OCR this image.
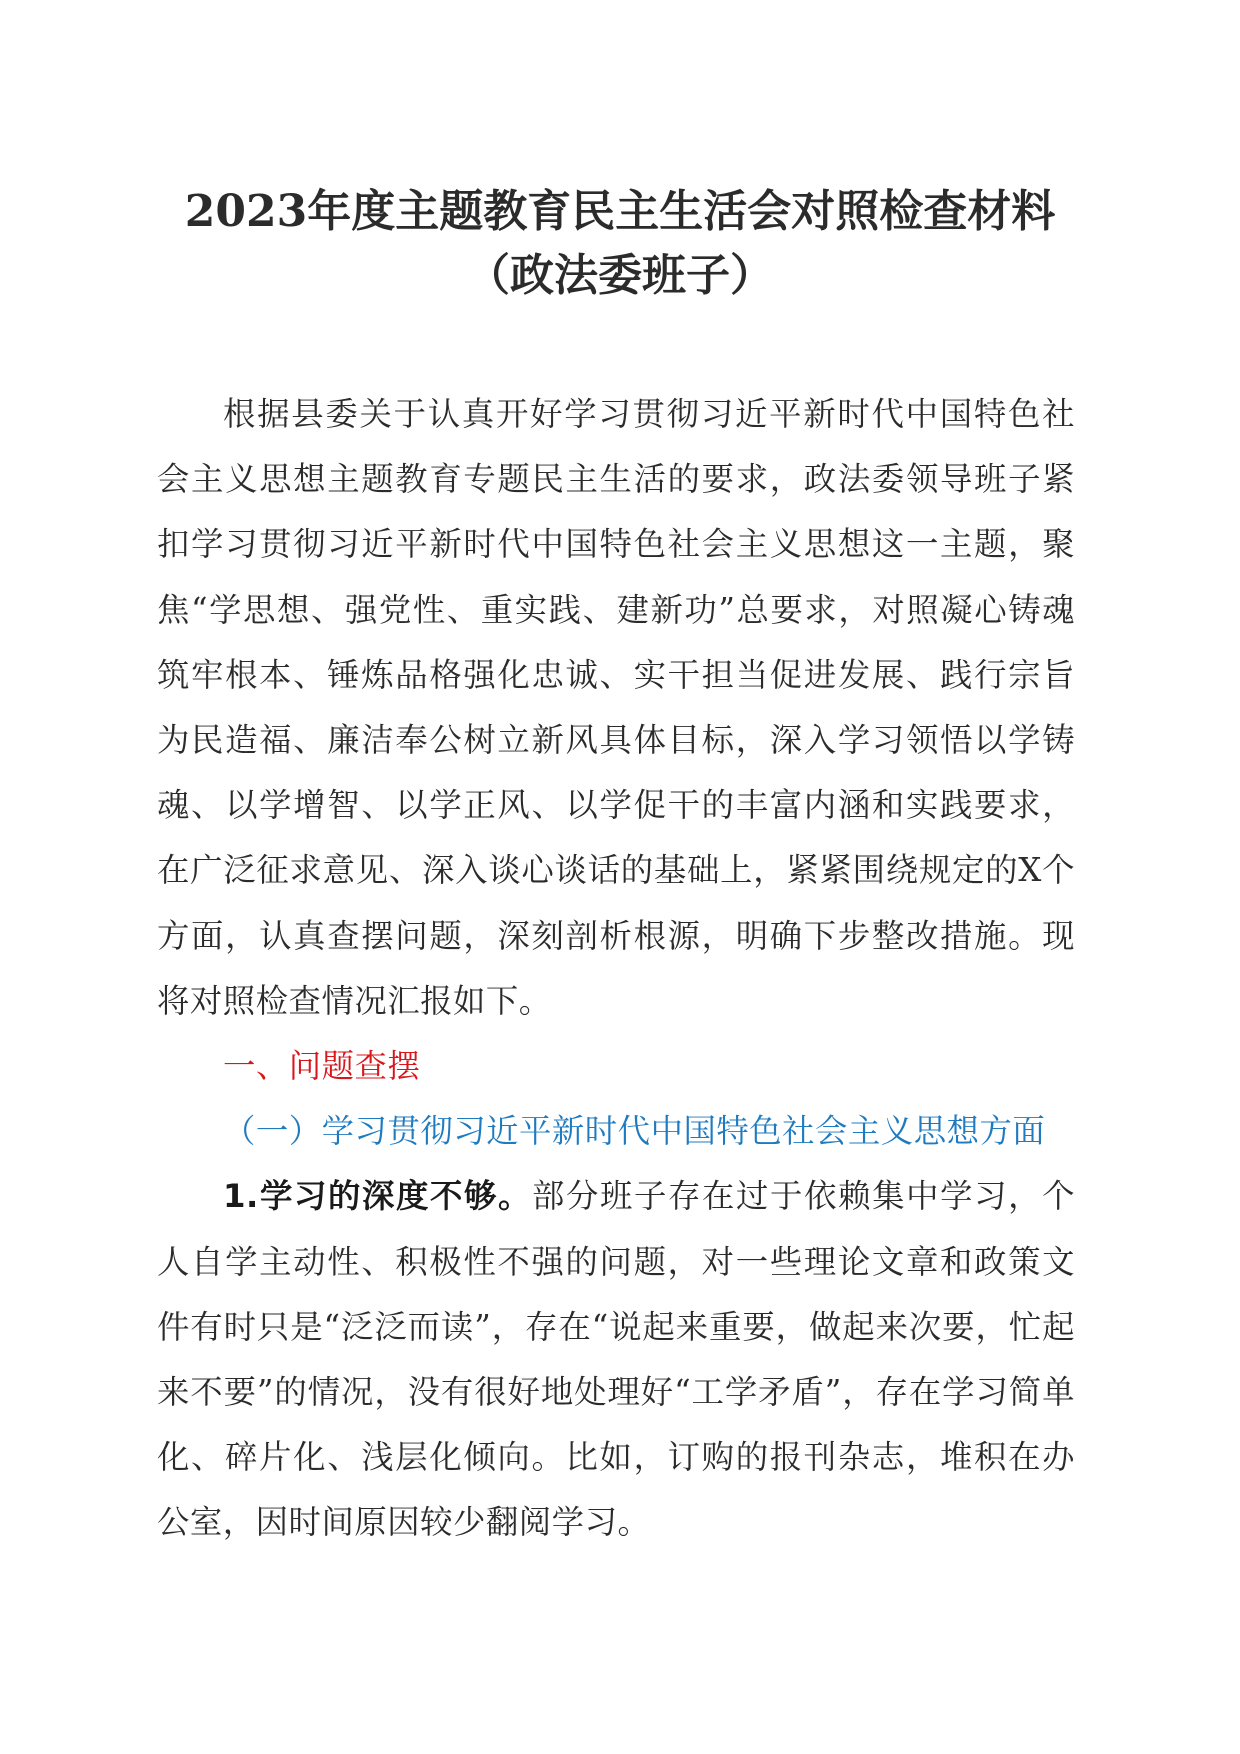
2023年度主题教育民主生活会对照检查材料
（政法委班子）

根据县委关于认真开好学习贯彻习近平新时代中国特色社会主义思想主题教育专题民主生活的要求，政法委领导班子紧扣学习贯彻习近平新时代中国特色社会主义思想这一主题，聚焦“学思想、强党性、重实践、建新功”总要求，对照凝心铸魂筑牢根本、锤炼品格强化忠诚、实干担当促进发展、践行宗旨为民造福、廉洁奉公树立新风具体目标，深入学习领悟以学铸魂、以学增智、以学正风、以学促干的丰富内涵和实践要求，在广泛征求意见、深入谈心谈话的基础上，紧紧围绕规定的X个方面，认真查摆问题，深刻剖析根源，明确下步整改措施。现将对照检查情况汇报如下。

一、问题查摆

（一）学习贯彻习近平新时代中国特色社会主义思想方面

1.学习的深度不够。部分班子存在过于依赖集中学习，个人自学主动性、积极性不强的问题，对一些理论文章和政策文件有时只是“泛泛而读”，存在“说起来重要，做起来次要，忙起来不要”的情况，没有很好地处理好“工学矛盾”，存在学习简单化、碎片化、浅层化倾向。比如，订购的报刊杂志，堆积在办公室，因时间原因较少翻阅学习。
